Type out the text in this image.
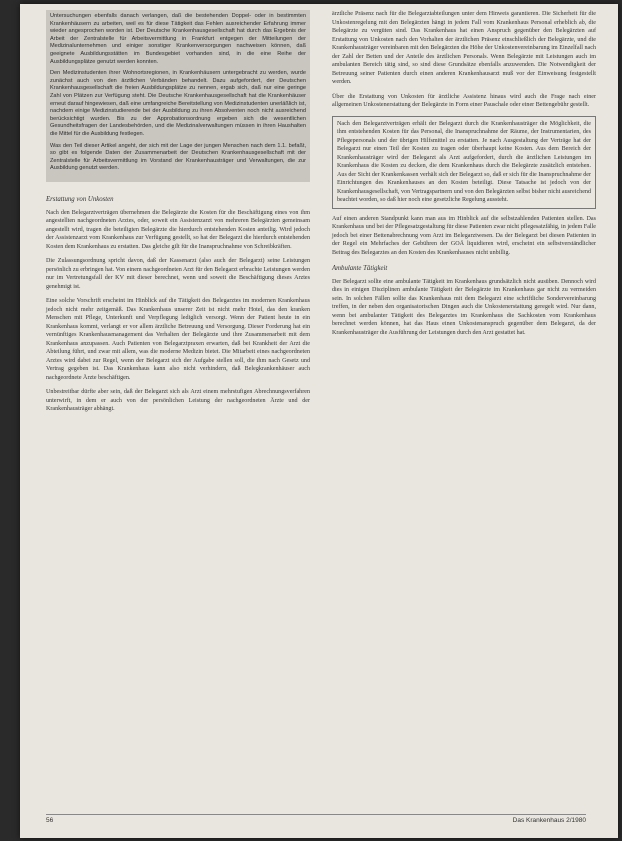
Untersuchungen ebenfalls danach verlangen, daß die bestehenden Doppel- oder in bestimmten Krankenhäusern zu arbeiten, weil es für diese Tätigkeit das Fehlen ausreichender Erfahrung immer wieder angesprochen worden ist. Der Deutsche Krankenhausgesellschaft hat durch das Ergebnis der Arbeit der Zentralstelle für Arbeitsvermittlung in Frankfurt entgegen der Mitteilungen der Medizinalunternehmen und einiger sonstiger Krankenversorgungen nachweisen können, daß geeignete Ausbildungsstätten im Bundesgebiet vorhanden sind, in die eine Reihe der Ausbildungsplätze genutzt werden konnten.

Den Medizinstudenten ihrer Wohnortsregionen, in Krankenhäusern untergebracht zu werden, wurde zunächst auch von den ärztlichen Verbänden behandelt. Dazu aufgefordert, der Deutschen Krankenhausgesellschaft die freien Ausbildungsplätze zu nennen, ergab sich, daß nur eine geringe Zahl von Plätzen zur Verfügung steht. Die Deutsche Krankenhausgesellschaft hat die Krankenhäuser erneut darauf hingewiesen, daß eine umfangreiche Bereitstellung von Medizinstudenten unerläßlich ist, nachdem einige Medizinstudierende bei der Ausbildung zu ihren Absolventen noch nicht ausreichend berücksichtigt wurden. Bis zu der Approbationsordnung ergeben sich die wesentlichen Gesundheitsfragen der Landesbehörden, und die Medizinalverwaltungen müssen in ihren Haushalten die Mittel für die Ausbildung festlegen.

Was den Teil dieser Artikel angeht, der sich mit der Lage der jungen Menschen nach dem 1.1. befaßt, so gibt es folgende Daten der Zusammenarbeit der Deutschen Krankenhausgesellschaft mit der Zentralstelle für Arbeitsvermittlung im Vorstand der Krankenhausträger und Verwaltungen, die zur Ausbildung genutzt werden.

Erstattung von Unkosten

Nach den Belegarztverträgen übernehmen die Belegärzte die Kosten für die Beschäftigung eines von ihm angestellten nachgeordneten Arztes, oder, soweit ein Assistenzarzt von mehreren Belegärzten gemeinsam angestellt wird, tragen die beteiligten Belegärzte die hierdurch entstehenden Kosten anteilig. Wird jedoch der Assistenzarzt vom Krankenhaus zur Verfügung gestellt, so hat der Belegarzt die hierdurch entstehenden Kosten dem Krankenhaus zu erstatten. Das gleiche gilt für die Inanspruchnahme von Schreibkräften.

Die Zulassungsordnung spricht davon, daß der Kassenarzt (also auch der Belegarzt) seine Leistungen persönlich zu erbringen hat. Von einem nachgeordneten Arzt für den Belegarzt erbrachte Leistungen werden nur im Vertretungsfall der KV mit dieser berechnet, wenn und soweit die Beschäftigung dieses Arztes genehmigt ist.

Eine solche Vorschrift erscheint im Hinblick auf die Tätigkeit des Belegarztes im modernen Krankenhaus jedoch nicht mehr zeitgemäß. Das Krankenhaus unserer Zeit ist nicht mehr Hotel, das den kranken Menschen mit Pflege, Unterkunft und Verpflegung lediglich versorgt. Wenn der Patient heute in ein Krankenhaus kommt, verlangt er vor allem ärztliche Betreuung und Versorgung. Dieser Forderung hat ein vernünftiges Krankenhausmanagement das Verhalten der Belegärzte und ihre Zusammenarbeit mit dem Krankenhaus anzupassen. Auch Patienten von Belegarztpraxen erwarten, daß bei Krankheit der Arzt die Abteilung führt, und zwar mit allem, was die moderne Medizin bietet. Die Mitarbeit eines nachgeordneten Arztes wird dabei zur Regel, wenn der Belegarzt sich der Aufgabe stellen soll, die ihm nach Gesetz und Vertrag gegeben ist. Das Krankenhaus kann also nicht verhindern, daß Belegkrankenhäuser auch nachgeordnete Ärzte beschäftigen.

Unbestreitbar dürfte aber sein, daß der Belegarzt sich als Arzt einem mehrstufigen Abrechnungsverfahren unterwirft, in dem er auch von der persönlichen Leistung der nachgeordneten Ärzte und der Krankenhausträger abhängt.

ärztliche Präsenz nach für die Belegarztabteilungen unter dem Hinweis garantieren. Die Sicherheit für die Unkostenregelung mit den Belegärzten hängt in jedem Fall vom Krankenhaus Personal erheblich ab, die Belegärzte zu vergüten sind. Das Krankenhaus hat einen Anspruch gegenüber den Belegärzten auf Erstattung von Unkosten nach den Vorhalten der ärztlichen Präsenz einschließlich der Belegärzte, und die Krankenhausträger vereinbaren mit den Belegärzten die Höhe der Unkostenvereinbarung im Einzelfall nach der Zahl der Betten und der Anteile des ärztlichen Personals. Wenn Belegärzte mit Leistungen auch im ambulanten Bereich tätig sind, so sind diese Grundsätze ebenfalls anzuwenden. Die Notwendigkeit der Betreuung seiner Patienten durch einen anderen Krankenhausarzt muß vor der Einweisung festgestellt werden.

Über die Erstattung von Unkosten für ärztliche Assistenz hinaus wird auch die Frage nach einer allgemeinen Unkostenerstattung der Belegärzte in Form einer Pauschale oder einer Bettengebühr gestellt.

Nach den Belegarztverträgen erhält der Belegarzt durch die Krankenhausträger die Möglichkeit, die ihm entstehenden Kosten für das Personal, die Inanspruchnahme der Räume, der Instrumentarien, des Pflegepersonals und der übrigen Hilfsmittel zu erstatten. Je nach Ausgestaltung der Verträge hat der Belegarzt nur einen Teil der Kosten zu tragen oder überhaupt keine Kosten. Aus dem Bereich der Krankenhausträger wird der Belegarzt als Arzt aufgefordert, durch die ärztlichen Leistungen im Krankenhaus die Kosten zu decken, die dem Krankenhaus durch die Belegärzte zusätzlich entstehen. Aus der Sicht der Krankenkassen verhält sich der Belegarzt so, daß er sich für die Inanspruchnahme der Einrichtungen des Krankenhauses an den Kosten beteiligt. Diese Tatsache ist jedoch von der Krankenhausgesellschaft, von Vertragspartnern und von den Belegärzten selbst bisher nicht ausreichend beachtet worden, so daß hier noch eine gesetzliche Regelung aussteht.

Auf einen anderen Standpunkt kann man aus im Hinblick auf die selbstzahlenden Patienten stellen. Das Krankenhaus und bei der Pflegesatzgestaltung für diese Patienten zwar nicht pflegesatzfähig, in jedem Falle jedoch bei einer Bettenabrechnung vom Arzt im Belegarztwesen. Da der Belegarzt bei diesen Patienten in der Regel ein Mehrfaches der Gebühren der GOÄ liquidieren wird, erscheint ein selbstverständlicher Beitrag des Belegarztes an den Kosten des Krankenhauses nicht unbillig.

Ambulante Tätigkeit

Der Belegarzt sollte eine ambulante Tätigkeit im Krankenhaus grundsätzlich nicht ausüben. Dennoch wird dies in einigen Disziplinen ambulante Tätigkeit der Belegärzte im Krankenhaus gar nicht zu vermeiden sein. In solchen Fällen sollte das Krankenhaus mit dem Belegarzt eine schriftliche Sondervereinbarung treffen, in der neben den organisatorischen Dingen auch die Unkostenerstattung geregelt wird. Nur dann, wenn bei ambulanter Tätigkeit des Belegarztes im Krankenhaus die Sachkosten vom Krankenhaus berechnet werden können, hat das Haus einen Unkostenanspruch gegenüber dem Belegarzt, da der Krankenhausträger die Ausführung der Leistungen durch den Arzt gestattet hat.

56	Das Krankenhaus 2/1980
